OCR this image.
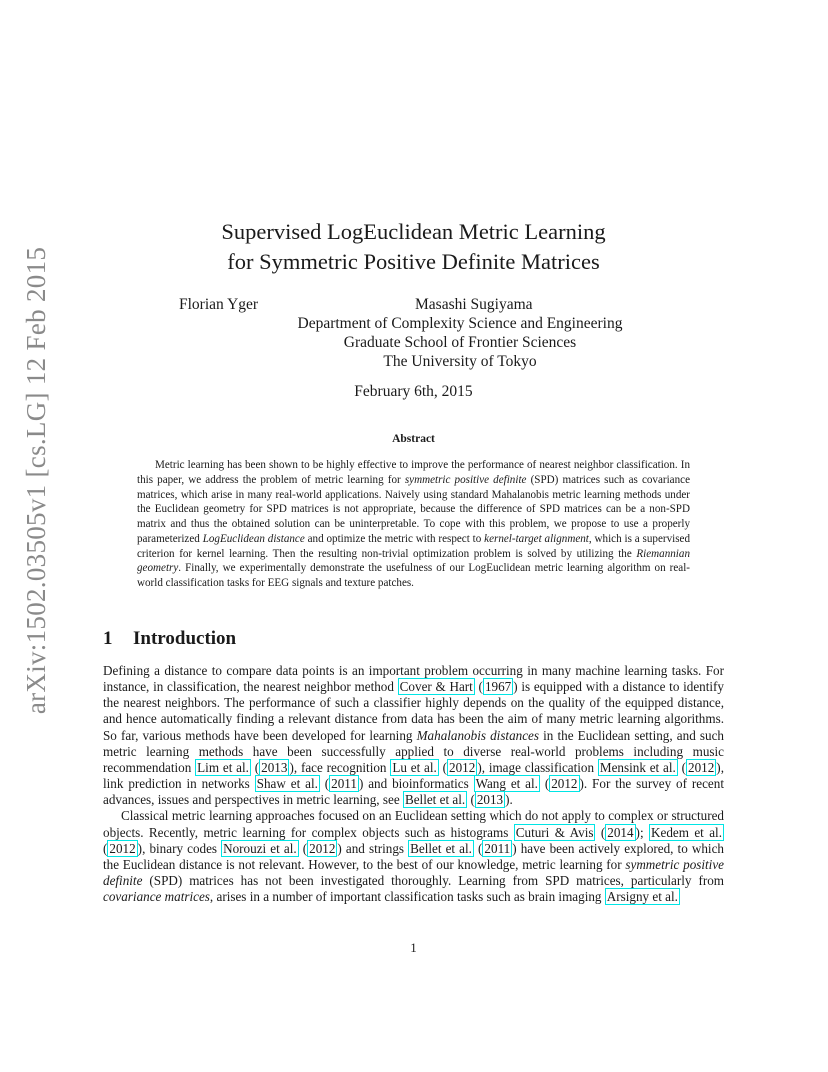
arXiv:1502.03505v1 [cs.LG] 12 Feb 2015
Supervised LogEuclidean Metric Learning
for Symmetric Positive Definite Matrices
Florian Yger	Masashi Sugiyama
Department of Complexity Science and Engineering
Graduate School of Frontier Sciences
The University of Tokyo
February 6th, 2015
Abstract

Metric learning has been shown to be highly effective to improve the performance of nearest neighbor classification. In this paper, we address the problem of metric learning for symmetric positive definite (SPD) matrices such as covariance matrices, which arise in many real-world applications. Naively using standard Mahalanobis metric learning methods under the Euclidean geometry for SPD matrices is not appropriate, because the difference of SPD matrices can be a non-SPD matrix and thus the obtained solution can be uninterpretable. To cope with this problem, we propose to use a properly parameterized LogEuclidean distance and optimize the metric with respect to kernel-target alignment, which is a supervised criterion for kernel learning. Then the resulting non-trivial optimization problem is solved by utilizing the Riemannian geometry. Finally, we experimentally demonstrate the usefulness of our LogEuclidean metric learning algorithm on real-world classification tasks for EEG signals and texture patches.

1 Introduction

Defining a distance to compare data points is an important problem occurring in many machine learning tasks. For instance, in classification, the nearest neighbor method Cover & Hart ( 1967 ) is equipped with a distance to identify the nearest neighbors. The performance of such a classifier highly depends on the quality of the equipped distance, and hence automatically finding a relevant distance from data has been the aim of many metric learning algorithms. So far, various methods have been developed for learning Mahalanobis distances in the Euclidean setting, and such metric learning methods have been successfully applied to diverse real-world problems including music recommendation Lim et al. ( 2013 ), face recognition Lu et al. ( 2012 ), image classification Mensink et al. ( 2012 ), link prediction in networks Shaw et al. ( 2011 ) and bioinformatics Wang et al. ( 2012 ). For the survey of recent advances, issues and perspectives in metric learning, see Bellet et al. ( 2013 ).

Classical metric learning approaches focused on an Euclidean setting which do not apply to complex or structured objects. Recently, metric learning for complex objects such as histograms Cuturi & Avis ( 2014 ); Kedem et al. ( 2012 ), binary codes Norouzi et al. ( 2012 ) and strings Bellet et al. ( 2011 ) have been actively explored, to which the Euclidean distance is not relevant. However, to the best of our knowledge, metric learning for symmetric positive definite (SPD) matrices has not been investigated thoroughly. Learning from SPD matrices, particularly from covariance matrices, arises in a number of important classification tasks such as brain imaging Arsigny et al.

1
